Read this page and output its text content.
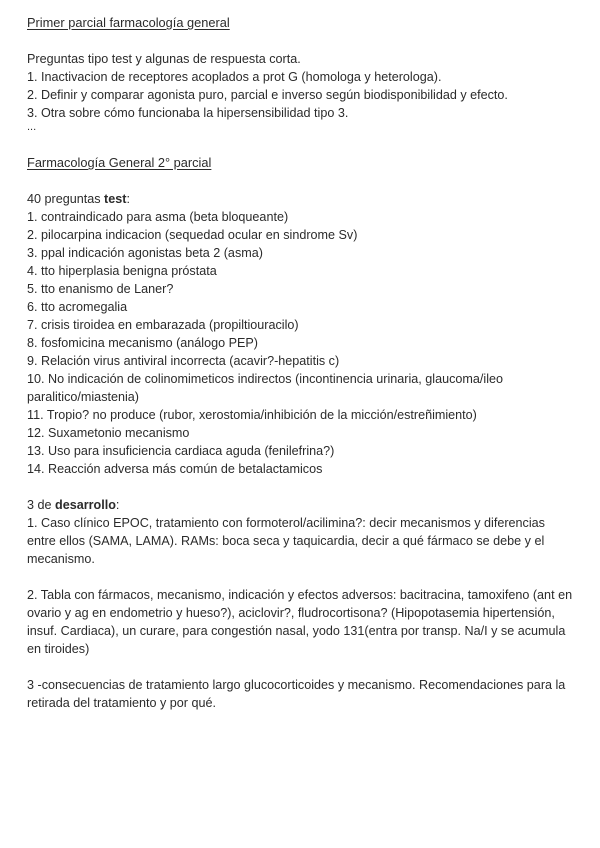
Primer parcial farmacología general
Preguntas tipo test y algunas de respuesta corta.
1. Inactivacion de receptores acoplados a prot G (homologa y heterologa).
2. Definir y comparar agonista puro, parcial e inverso según biodisponibilidad y efecto.
3. Otra sobre cómo funcionaba la hipersensibilidad tipo 3.
...
Farmacología General 2° parcial
40 preguntas test:
1. contraindicado para asma (beta bloqueante)
2. pilocarpina indicacion (sequedad ocular en sindrome Sv)
3. ppal indicación agonistas beta 2 (asma)
4. tto hiperplasia benigna próstata
5. tto enanismo de Laner?
6. tto acromegalia
7. crisis tiroidea en embarazada (propiltiouracilo)
8. fosfomicina mecanismo (análogo PEP)
9. Relación virus antiviral incorrecta (acavir?-hepatitis c)

10. No indicación de colinomimeticos indirectos (incontinencia urinaria, glaucoma/ileo paralitico/miastenia)

11. Tropio? no produce (rubor, xerostomia/inhibición de la micción/estreñimiento)
12. Suxametonio mecanismo
13. Uso para insuficiencia cardiaca aguda (fenilefrina?)
14. Reacción adversa más común de betalactamicos
3 de desarrollo:

1. Caso clínico EPOC, tratamiento con formoterol/acilimina?: decir mecanismos y diferencias entre ellos (SAMA, LAMA). RAMs: boca seca y taquicardia, decir a qué fármaco se debe y el mecanismo.

2. Tabla con fármacos, mecanismo, indicación y efectos adversos: bacitracina, tamoxifeno (ant en ovario y ag en endometrio y hueso?), aciclovir?, fludrocortisona? (Hipopotasemia hipertensión, insuf. Cardiaca), un curare, para congestión nasal, yodo 131(entra por transp. Na/I y se acumula en tiroides)

3 -consecuencias de tratamiento largo glucocorticoides y mecanismo. Recomendaciones para la retirada del tratamiento y por qué.
